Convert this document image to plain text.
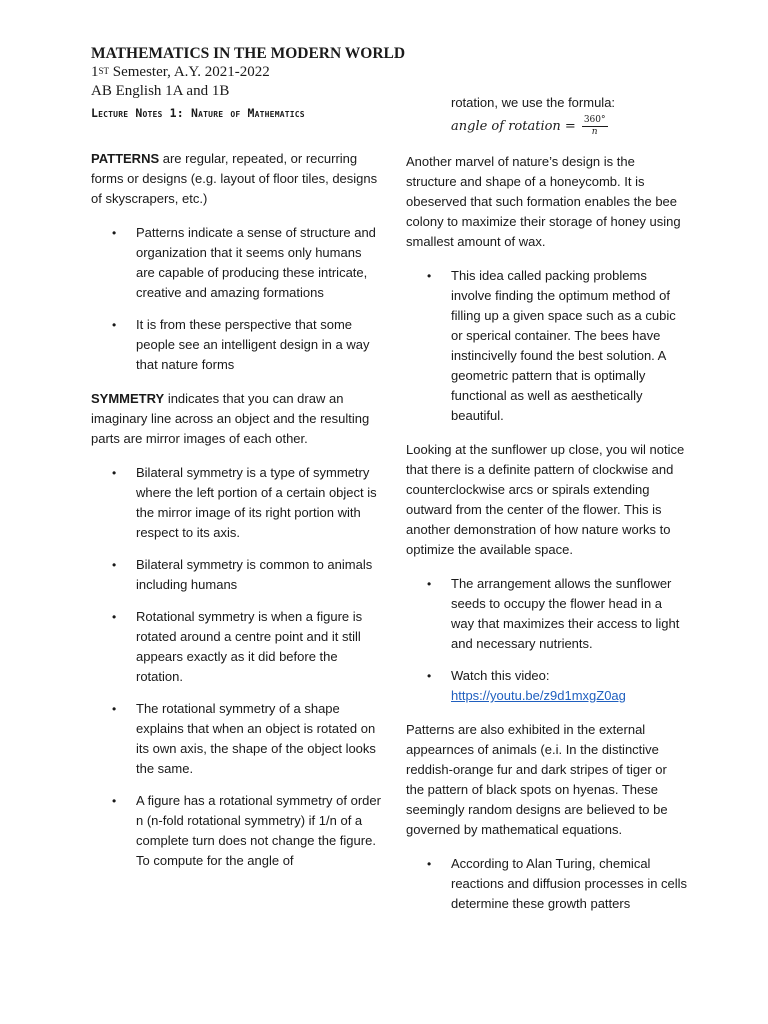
MATHEMATICS IN THE MODERN WORLD

1ST Semester, A.Y. 2021-2022

AB English 1A and 1B

Lecture Notes 1: Nature of Mathematics

PATTERNS are regular, repeated, or recurring forms or designs (e.g. layout of floor tiles, designs of skyscrapers, etc.)

• Patterns indicate a sense of structure and organization that it seems only humans are capable of producing these intricate, creative and amazing formations
• It is from these perspective that some people see an intelligent design in a way that nature forms

SYMMETRY indicates that you can draw an imaginary line across an object and the resulting parts are mirror images of each other.

• Bilateral symmetry is a type of symmetry where the left portion of a certain object is the mirror image of its right portion with respect to its axis.
• Bilateral symmetry is common to animals including humans
• Rotational symmetry is when a figure is rotated around a centre point and it still appears exactly as it did before the rotation.
• The rotational symmetry of a shape explains that when an object is rotated on its own axis, the shape of the object looks the same.
• A figure has a rotational symmetry of order n (n-fold rotational symmetry) if 1/n of a complete turn does not change the figure. To compute for the angle of
rotation, we use the formula:
angle of rotation = $\frac{360^\circ}{n}$

Another marvel of nature’s design is the structure and shape of a honeycomb. It is obeserved that such formation enables the bee colony to maximize their storage of honey using smallest amount of wax.

• This idea called packing problems involve finding the optimum method of filling up a given space such as a cubic or sperical container. The bees have instincivelly found the best solution. A geometric pattern that is optimally functional as well as aesthetically beautiful.

Looking at the sunflower up close, you wil notice that there is a definite pattern of clockwise and counterclockwise arcs or spirals extending outward from the center of the flower. This is another demonstration of how nature works to optimize the available space.

• The arrangement allows the sunflower seeds to occupy the flower head in a way that maximizes their access to light and necessary nutrients.
• Watch this video:
https://youtu.be/z9d1mxgZ0ag

Patterns are also exhibited in the external appearnces of animals (e.i. In the distinctive reddish-orange fur and dark stripes of tiger or the pattern of black spots on hyenas. These seemingly random designs are believed to be governed by mathematical equations.

• According to Alan Turing, chemical reactions and diffusion processes in cells determine these growth patters
